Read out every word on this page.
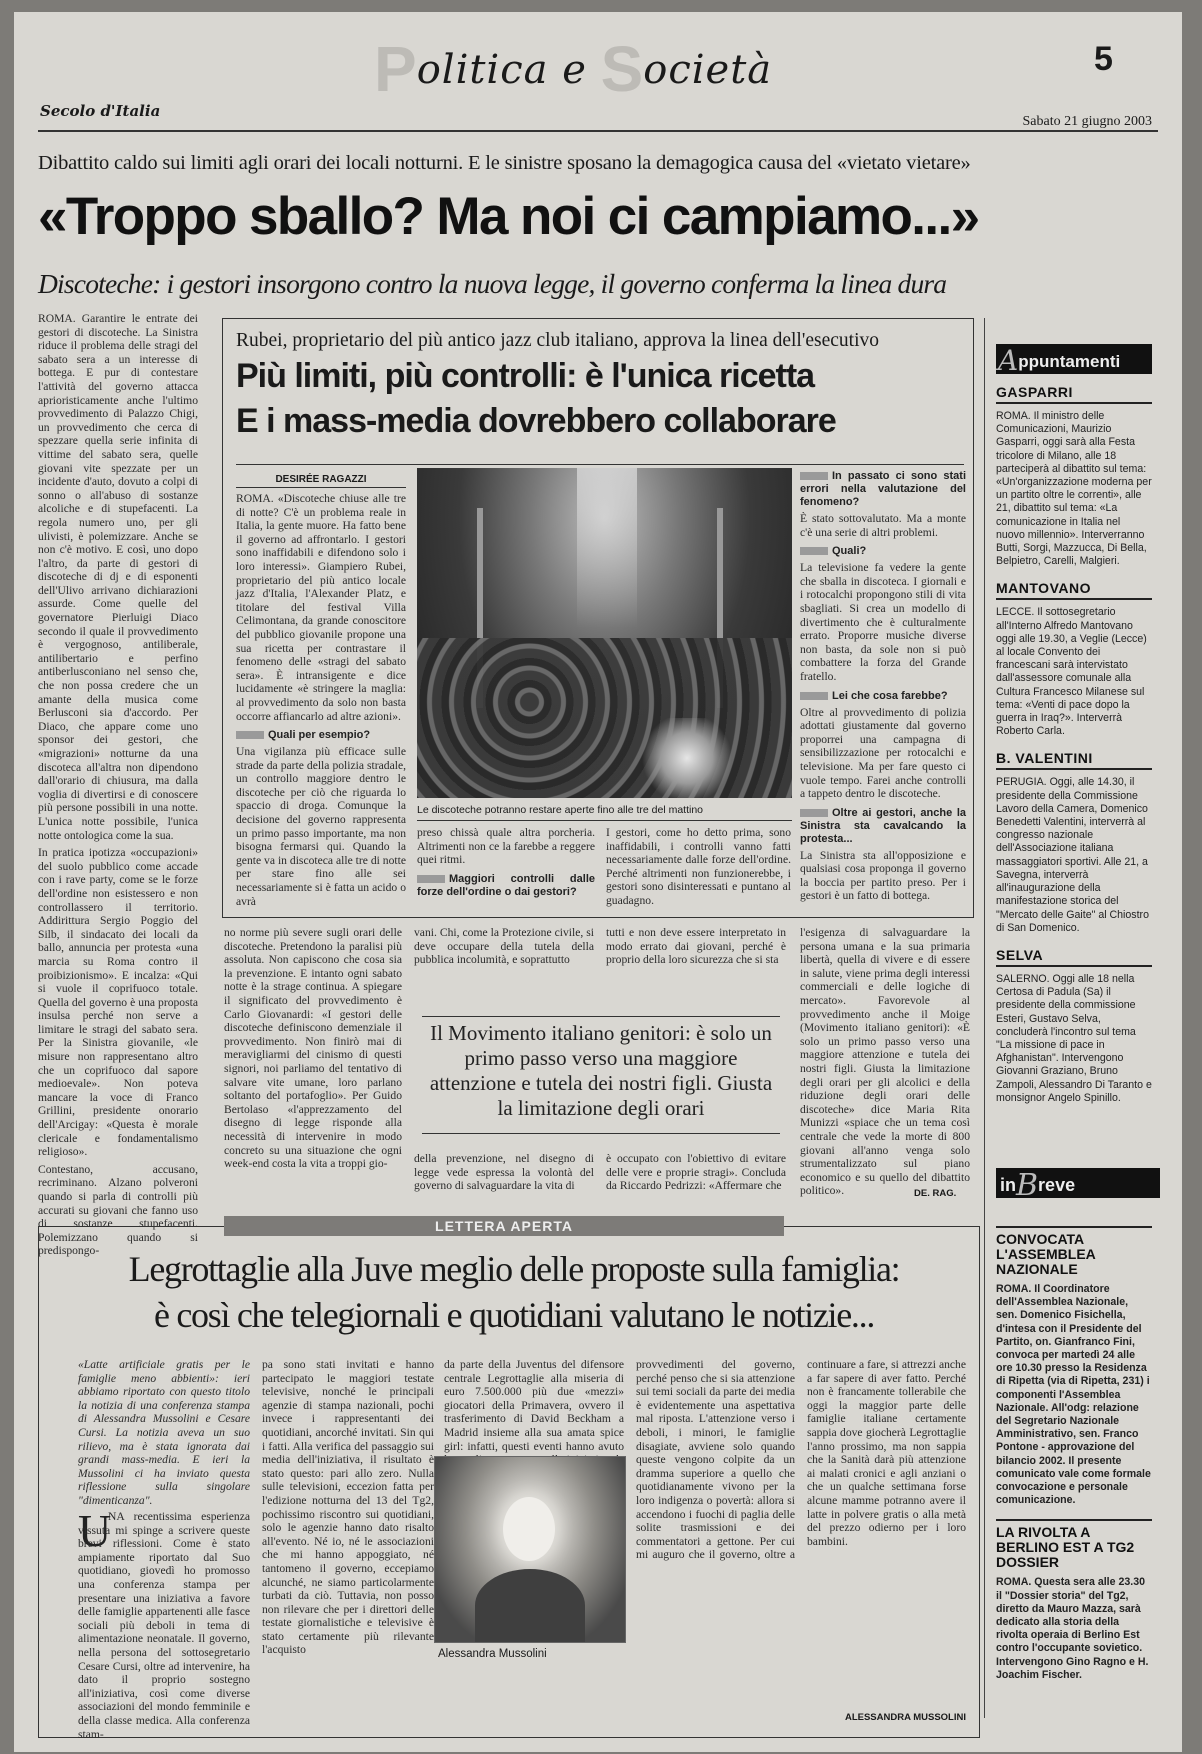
Politica e Società	5
Secolo d'Italia
Sabato 21 giugno 2003
Dibattito caldo sui limiti agli orari dei locali notturni. E le sinistre sposano la demagogica causa del «vietato vietare»
«Troppo sballo? Ma noi ci campiamo...»
Discoteche: i gestori insorgono contro la nuova legge, il governo conferma la linea dura

ROMA. Garantire le entrate dei gestori di discoteche. La Sinistra riduce il problema delle stragi del sabato sera a un interesse di bottega. E pur di contestare l'attività del governo attacca aprioristicamente anche l'ultimo provvedimento di Palazzo Chigi, un provvedimento che cerca di spezzare quella serie infinita di vittime del sabato sera, quelle giovani vite spezzate per un incidente d'auto, dovuto a colpi di sonno o all'abuso di sostanze alcoliche e di stupefacenti. La regola numero uno, per gli ulivisti, è polemizzare. Anche se non c'è motivo. E così, uno dopo l'altro, da parte di gestori di discoteche di dj e di esponenti dell'Ulivo arrivano dichiarazioni assurde. Come quelle del governatore Pierluigi Diaco secondo il quale il provvedimento è vergognoso, antiliberale, antilibertario e perfino antiberlusconiano nel senso che, che non possa credere che un amante della musica come Berlusconi sia d'accordo. Per Diaco, che appare come uno sponsor dei gestori, che «migrazioni» notturne da una discoteca all'altra non dipendono dall'orario di chiusura, ma dalla voglia di divertirsi e di conoscere più persone possibili in una notte. L'unica notte possibile, l'unica notte ontologica come la sua.

In pratica ipotizza «occupazioni» del suolo pubblico come accade con i rave party, come se le forze dell'ordine non esistessero e non controllassero il territorio. Addirittura Sergio Poggio del Silb, il sindacato dei locali da ballo, annuncia per protesta «una marcia su Roma contro il proibizionismo». E incalza: «Qui si vuole il coprifuoco totale. Quella del governo è una proposta insulsa perché non serve a limitare le stragi del sabato sera. Per la Sinistra giovanile, «le misure non rappresentano altro che un coprifuoco dal sapore medioevale». Non poteva mancare la voce di Franco Grillini, presidente onorario dell'Arcigay: «Questa è morale clericale e fondamentalismo religioso».

Contestano, accusano, recriminano. Alzano polveroni quando si parla di controlli più accurati su giovani che fanno uso di sostanze stupefacenti. Polemizzano quando si predispongo-

Rubei, proprietario del più antico jazz club italiano, approva la linea dell'esecutivo
Più limiti, più controlli: è l'unica ricetta
E i mass-media dovrebbero collaborare
DESIRÉE RAGAZZI

ROMA. «Discoteche chiuse alle tre di notte? C'è un problema reale in Italia, la gente muore. Ha fatto bene il governo ad affrontarlo. I gestori sono inaffidabili e difendono solo i loro interessi». Giampiero Rubei, proprietario del più antico locale jazz d'Italia, l'Alexander Platz, e titolare del festival Villa Celimontana, da grande conoscitore del pubblico giovanile propone una sua ricetta per contrastare il fenomeno delle «stragi del sabato sera». È intransigente e dice lucidamente «è stringere la maglia: al provvedimento da solo non basta occorre affiancarlo ad altre azioni».

Quali per esempio?

Una vigilanza più efficace sulle strade da parte della polizia stradale, un controllo maggiore dentro le discoteche per ciò che riguarda lo spaccio di droga. Comunque la decisione del governo rappresenta un primo passo importante, ma non bisogna fermarsi qui. Quando la gente va in discoteca alle tre di notte per stare fino alle sei necessariamente si è fatta un acido o avrà

Le discoteche potranno restare aperte fino alle tre del mattino

preso chissà quale altra porcheria. Altrimenti non ce la farebbe a reggere quei ritmi.

Maggiori controlli dalle forze dell'ordine o dai gestori?

I gestori, come ho detto prima, sono inaffidabili, i controlli vanno fatti necessariamente dalle forze dell'ordine. Perché altrimenti non funzionerebbe, i gestori sono disinteressati e puntano al guadagno.

In passato ci sono stati errori nella valutazione del fenomeno?

È stato sottovalutato. Ma a monte c'è una serie di altri problemi.

Quali?

La televisione fa vedere la gente che sballa in discoteca. I giornali e i rotocalchi propongono stili di vita sbagliati. Si crea un modello di divertimento che è culturalmente errato. Proporre musiche diverse non basta, da sole non si può combattere la forza del Grande fratello.

Lei che cosa farebbe?

Oltre al provvedimento di polizia adottati giustamente dal governo proporrei una campagna di sensibilizzazione per rotocalchi e televisione. Ma per fare questo ci vuole tempo. Farei anche controlli a tappeto dentro le discoteche.

Oltre ai gestori, anche la Sinistra sta cavalcando la protesta...

La Sinistra sta all'opposizione e qualsiasi cosa proponga il governo la boccia per partito preso. Per i gestori è un fatto di bottega.

no norme più severe sugli orari delle discoteche. Pretendono la paralisi più assoluta. Non capiscono che cosa sia la prevenzione. E intanto ogni sabato notte è la strage continua. A spiegare il significato del provvedimento è Carlo Giovanardi: «I gestori delle discoteche definiscono demenziale il provvedimento. Non finirò mai di meravigliarmi del cinismo di questi signori, noi parliamo del tentativo di salvare vite umane, loro parlano soltanto del portafoglio». Per Guido Bertolaso «l'apprezzamento del disegno di legge risponde alla necessità di intervenire in modo concreto su una situazione che ogni week-end costa la vita a troppi gio-

vani. Chi, come la Protezione civile, si deve occupare della tutela della pubblica incolumità, e soprattutto

tutti e non deve essere interpretato in modo errato dai giovani, perché è proprio della loro sicurezza che si sta

l'esigenza di salvaguardare la persona umana e la sua primaria libertà, quella di vivere e di essere in salute, viene prima degli interessi commerciali e delle logiche di mercato». Favorevole al provvedimento anche il Moige (Movimento italiano genitori): «È solo un primo passo verso una maggiore attenzione e tutela dei nostri figli. Giusta la limitazione degli orari per gli alcolici e della riduzione degli orari delle discoteche» dice Maria Rita Munizzi «spiace che un tema così centrale che vede la morte di 800 giovani all'anno venga solo strumentalizzato sul piano economico e su quello del dibattito politico».	DE. RAG.
Il Movimento italiano genitori: è solo un primo passo verso una maggiore attenzione e tutela dei nostri figli. Giusta la limitazione degli orari

della prevenzione, nel disegno di legge vede espressa la volontà del governo di salvaguardare la vita di

è occupato con l'obiettivo di evitare delle vere e proprie stragi». Concluda da Riccardo Pedrizzi: «Affermare che

Appuntamenti
GASPARRI
ROMA. Il ministro delle Comunicazioni, Maurizio Gasparri, oggi sarà alla Festa tricolore di Milano, alle 18 parteciperà al dibattito sul tema: «Un'organizzazione moderna per un partito oltre le correnti», alle 21, dibattito sul tema: «La comunicazione in Italia nel nuovo millennio». Interverranno Butti, Sorgi, Mazzucca, Di Bella, Belpietro, Carelli, Malgieri.
MANTOVANO
LECCE. Il sottosegretario all'Interno Alfredo Mantovano oggi alle 19.30, a Veglie (Lecce) al locale Convento dei francescani sarà intervistato dall'assessore comunale alla Cultura Francesco Milanese sul tema: «Venti di pace dopo la guerra in Iraq?». Interverrà Roberto Carla.
B. VALENTINI
PERUGIA. Oggi, alle 14.30, il presidente della Commissione Lavoro della Camera, Domenico Benedetti Valentini, interverrà al congresso nazionale dell'Associazione italiana massaggiatori sportivi. Alle 21, a Savegna, interverrà all'inaugurazione della manifestazione storica del "Mercato delle Gaite" al Chiostro di San Domenico.
SELVA
SALERNO. Oggi alle 18 nella Certosa di Padula (Sa) il presidente della commissione Esteri, Gustavo Selva, concluderà l'incontro sul tema "La missione di pace in Afghanistan". Intervengono Giovanni Graziano, Bruno Zampoli, Alessandro Di Taranto e monsignor Angelo Spinillo.
inBreve
CONVOCATA L'ASSEMBLEA NAZIONALE
ROMA. Il Coordinatore dell'Assemblea Nazionale, sen. Domenico Fisichella, d'intesa con il Presidente del Partito, on. Gianfranco Fini, convoca per martedì 24 alle ore 10.30 presso la Residenza di Ripetta (via di Ripetta, 231) i componenti l'Assemblea Nazionale. All'odg: relazione del Segretario Nazionale Amministrativo, sen. Franco Pontone - approvazione del bilancio 2002. Il presente comunicato vale come formale convocazione e personale comunicazione.
LA RIVOLTA A BERLINO EST A TG2 DOSSIER
ROMA. Questa sera alle 23.30 il "Dossier storia" del Tg2, diretto da Mauro Mazza, sarà dedicato alla storia della rivolta operaia di Berlino Est contro l'occupante sovietico. Intervengono Gino Ragno e H. Joachim Fischer.
LETTERA APERTA
Legrottaglie alla Juve meglio delle proposte sulla famiglia:
è così che telegiornali e quotidiani valutano le notizie...
«Latte artificiale gratis per le famiglie meno abbienti»: ieri abbiamo riportato con questo titolo la notizia di una conferenza stampa di Alessandra Mussolini e Cesare Cursi. La notizia aveva un suo rilievo, ma è stata ignorata dai grandi mass-media. E ieri la Mussolini ci ha inviato questa riflessione sulla singolare "dimenticanza".
U

NA recentissima esperienza vissuta mi spinge a scrivere queste brevi riflessioni. Come è stato ampiamente riportato dal Suo quotidiano, giovedì ho promosso una conferenza stampa per presentare una iniziativa a favore delle famiglie appartenenti alle fasce sociali più deboli in tema di alimentazione neonatale. Il governo, nella persona del sottosegretario Cesare Cursi, oltre ad intervenire, ha dato il proprio sostegno all'iniziativa, così come diverse associazioni del mondo femminile e della classe medica. Alla conferenza stam-

pa sono stati invitati e hanno partecipato le maggiori testate televisive, nonché le principali agenzie di stampa nazionali, pochi invece i rappresentanti dei quotidiani, ancorché invitati. Sin qui i fatti. Alla verifica del passaggio sui media dell'iniziativa, il risultato è stato questo: pari allo zero. Nulla sulle televisioni, eccezion fatta per l'edizione notturna del 13 del Tg2, pochissimo riscontro sui quotidiani, solo le agenzie hanno dato risalto all'evento. Né io, né le associazioni che mi hanno appoggiato, né tantomeno il governo, eccepiamo alcunché, ne siamo particolarmente turbati da ciò. Tuttavia, non posso non rilevare che per i direttori delle testate giornalistiche e televisive è stato certamente più rilevante l'acquisto

da parte della Juventus del difensore centrale Legrottaglie alla miseria di euro 7.500.000 più due «mezzi» giocatori della Primavera, ovvero il trasferimento di David Beckham a Madrid insieme alla sua amata spice girl: infatti, questi eventi hanno avuto

provvedimenti del governo, perché penso che si sia attenzione sui temi sociali da parte dei media è evidentemente una aspettativa mal riposta. L'attenzione verso i deboli, i minori, le famiglie disagiate, avviene solo quando queste vengono colpite da un dramma superiore a quello che quotidianamente vivono per la loro indigenza o povertà: allora si accendono i fuochi di paglia delle solite trasmissioni e dei commentatori a gettone. Per cui mi auguro che il governo, oltre a continuare a fare, si attrezzi anche a far sapere di aver fatto. Perché non è francamente tollerabile che oggi la maggior parte delle famiglie italiane certamente sappia dove giocherà Legrottaglie l'anno prossimo, ma non sappia che la Sanità darà più attenzione ai malati cronici e agli anziani o che un qualche settimana forse alcune mamme potranno avere il latte in polvere gratis o alla metà del prezzo odierno per i loro bambini.

Alessandra Mussolini
ALESSANDRA MUSSOLINI
